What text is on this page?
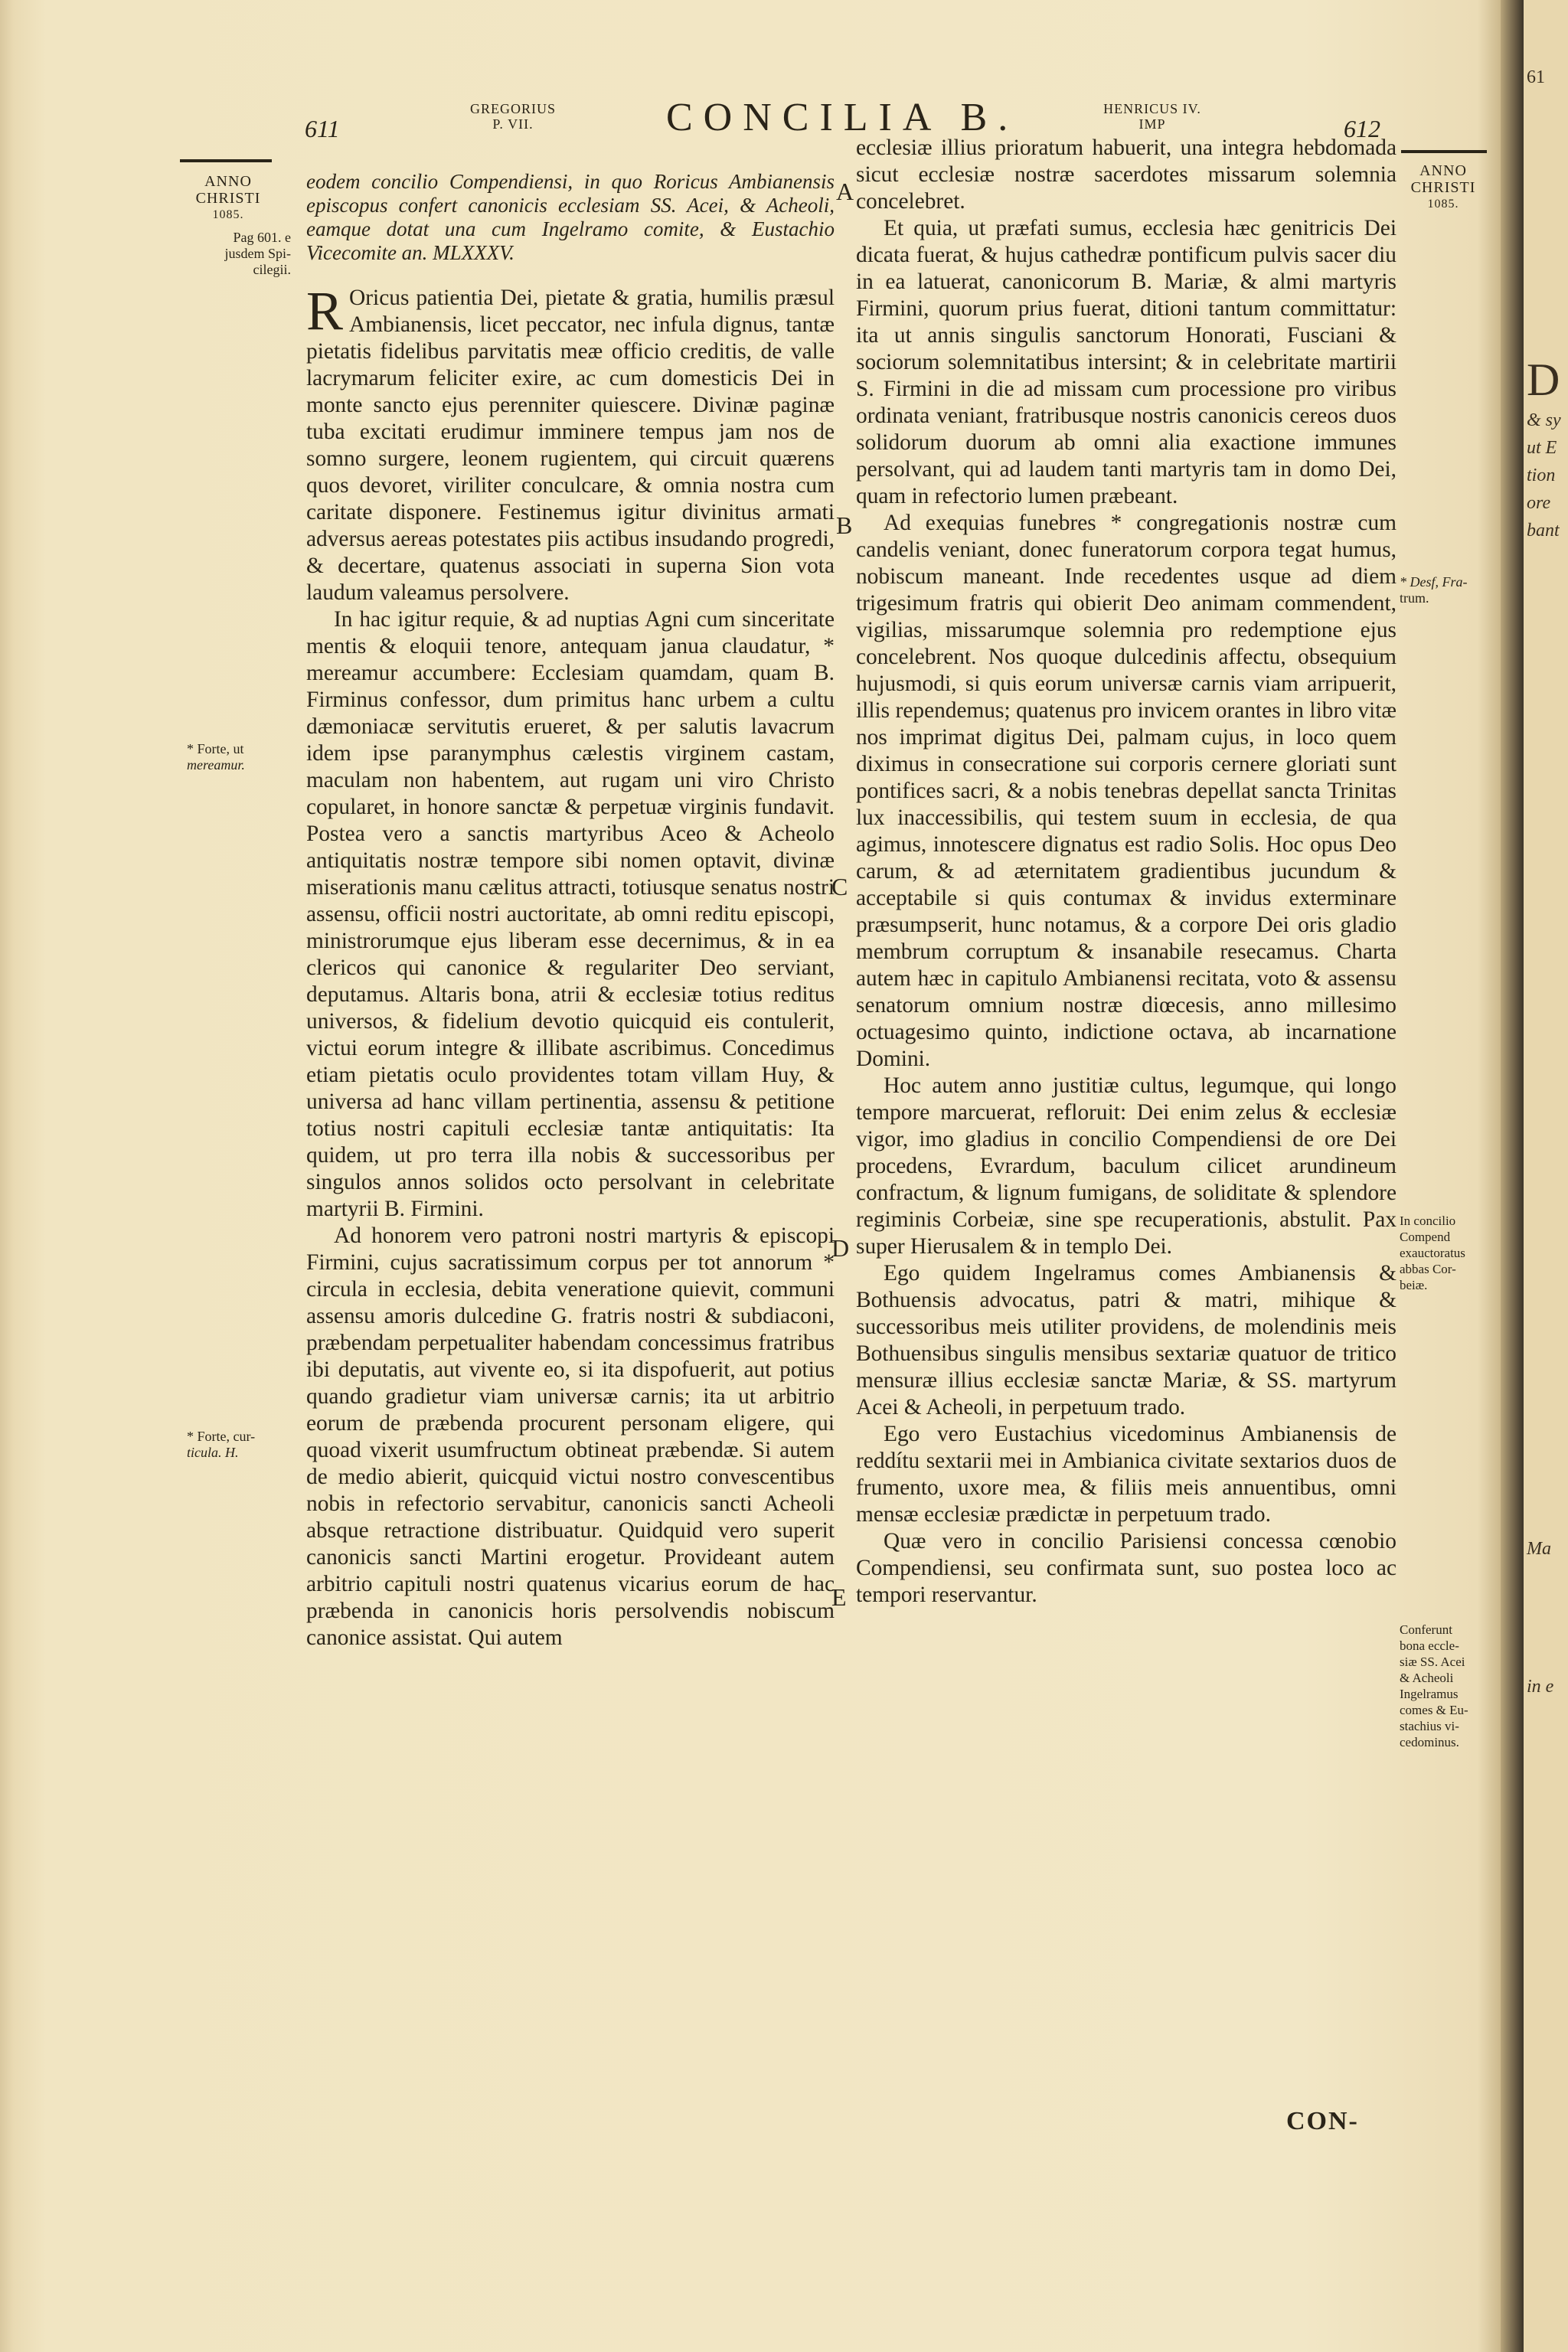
611
GREGORIUS
P. VII.	CONCILIA B.	HENRICUS IV.
IMP	612
ANNO
CHRISTI
1085.
Pag 601. e
jusdem Spi-
cilegii.
* Forte, ut
mereamur.
* Forte, cur-
ticula. H.

eodem concilio Compendiensi, in quo Roricus Ambianensis episcopus confert canonicis ecclesiam SS. Acei, & Acheoli, eamque dotat una cum Ingelramo comite, & Eustachio Vicecomite an. MLXXXV.

R Oricus patientia Dei, pietate & gratia, humilis præsul Ambianensis, licet peccator, nec infula dignus, tantæ pietatis fidelibus parvitatis meæ officio creditis, de valle lacrymarum feliciter exire, ac cum domesticis Dei in monte sancto ejus perenniter quiescere. Divinæ paginæ tuba excitati erudimur imminere tempus jam nos de somno surgere, leonem rugientem, qui circuit quærens quos devoret, viriliter conculcare, & omnia nostra cum caritate disponere. Festinemus igitur divinitus armati adversus aereas potestates piis actibus insudando progredi, & decertare, quatenus associati in superna Sion vota laudum valeamus persolvere.

In hac igitur requie, & ad nuptias Agni cum sinceritate mentis & eloquii tenore, antequam janua claudatur, * mereamur accumbere: Ecclesiam quamdam, quam B. Firminus confessor, dum primitus hanc urbem a cultu dæmoniacæ servitutis erueret, & per salutis lavacrum idem ipse paranymphus cælestis virginem castam, maculam non habentem, aut rugam uni viro Christo copularet, in honore sanctæ & perpetuæ virginis fundavit. Postea vero a sanctis martyribus Aceo & Acheolo antiquitatis nostræ tempore sibi nomen optavit, divinæ miserationis manu cælitus attracti, totiusque senatus nostri assensu, officii nostri auctoritate, ab omni reditu episcopi, ministrorumque ejus liberam esse decernimus, & in ea clericos qui canonice & regulariter Deo serviant, deputamus. Altaris bona, atrii & ecclesiæ totius reditus universos, & fidelium devotio quicquid eis contulerit, victui eorum integre & illibate ascribimus. Concedimus etiam pietatis oculo providentes totam villam Huy, & universa ad hanc villam pertinentia, assensu & petitione totius nostri capituli ecclesiæ tantæ antiquitatis: Ita quidem, ut pro terra illa nobis & successoribus per singulos annos solidos octo persolvant in celebritate martyrii B. Firmini.

Ad honorem vero patroni nostri martyris & episcopi Firmini, cujus sacratissimum corpus per tot annorum * circula in ecclesia, debita veneratione quievit, communi assensu amoris dulcedine G. fratris nostri & subdiaconi, præbendam perpetualiter habendam concessimus fratribus ibi deputatis, aut vivente eo, si ita dispofuerit, aut potius quando gradietur viam universæ carnis; ita ut arbitrio eorum de præbenda procurent personam eligere, qui quoad vixerit usumfructum obtineat præbendæ. Si autem de medio abierit, quicquid victui nostro convescentibus nobis in refectorio servabitur, canonicis sancti Acheoli absque retractione distribuatur. Quidquid vero superit canonicis sancti Martini erogetur. Provideant autem arbitrio capituli nostri quatenus vicarius eorum de hac præbenda in canonicis horis persolvendis nobiscum canonice assistat. Qui autem

A
B
C
D
E

ecclesiæ illius prioratum habuerit, una integra hebdomada sicut ecclesiæ nostræ sacerdotes missarum solemnia concelebret.

Et quia, ut præfati sumus, ecclesia hæc genitricis Dei dicata fuerat, & hujus cathedræ pontificum pulvis sacer diu in ea latuerat, canonicorum B. Mariæ, & almi martyris Firmini, quorum prius fuerat, ditioni tantum committatur: ita ut annis singulis sanctorum Honorati, Fusciani & sociorum solemnitatibus intersint; & in celebritate martirii S. Firmini in die ad missam cum processione pro viribus ordinata veniant, fratribusque nostris canonicis cereos duos solidorum duorum ab omni alia exactione immunes persolvant, qui ad laudem tanti martyris tam in domo Dei, quam in refectorio lumen præbeant.

Ad exequias funebres * congregationis nostræ cum candelis veniant, donec funeratorum corpora tegat humus, nobiscum maneant. Inde recedentes usque ad diem trigesimum fratris qui obierit Deo animam commendent, vigilias, missarumque solemnia pro redemptione ejus concelebrent. Nos quoque dulcedinis affectu, obsequium hujusmodi, si quis eorum universæ carnis viam arripuerit, illis rependemus; quatenus pro invicem orantes in libro vitæ nos imprimat digitus Dei, palmam cujus, in loco quem diximus in consecratione sui corporis cernere gloriati sunt pontifices sacri, & a nobis tenebras depellat sancta Trinitas lux inaccessibilis, qui testem suum in ecclesia, de qua agimus, innotescere dignatus est radio Solis. Hoc opus Deo carum, & ad æternitatem gradientibus jucundum & acceptabile si quis contumax & invidus exterminare præsumpserit, hunc notamus, & a corpore Dei oris gladio membrum corruptum & insanabile resecamus. Charta autem hæc in capitulo Ambianensi recitata, voto & assensu senatorum omnium nostræ diœcesis, anno millesimo octuagesimo quinto, indictione octava, ab incarnatione Domini.

Hoc autem anno justitiæ cultus, legumque, qui longo tempore marcuerat, refloruit: Dei enim zelus & ecclesiæ vigor, imo gladius in concilio Compendiensi de ore Dei procedens, Evrardum, baculum cilicet arundineum confractum, & lignum fumigans, de soliditate & splendore regiminis Corbeiæ, sine spe recuperationis, abstulit. Pax super Hierusalem & in templo Dei.

Ego quidem Ingelramus comes Ambianensis & Bothuensis advocatus, patri & matri, mihique & successoribus meis utiliter providens, de molendinis meis Bothuensibus singulis mensibus sextariæ quatuor de tritico mensuræ illius ecclesiæ sanctæ Mariæ, & SS. martyrum Acei & Acheoli, in perpetuum trado.

Ego vero Eustachius vicedominus Ambianensis de reddítu sextarii mei in Ambianica civitate sextarios duos de frumento, uxore mea, & filiis meis annuentibus, omni mensæ ecclesiæ prædictæ in perpetuum trado.

Quæ vero in concilio Parisiensi concessa cœnobio Compendiensi, seu confirmata sunt, suo postea loco ac tempori reservantur.

ANNO
CHRISTI
1085.
* Desf, Fra-
trum.
In concilio
Compend
exauctoratus
abbas Cor-
beiæ.
Conferunt
bona eccle-
siæ SS. Acei
& Acheoli
Ingelramus
comes & Eu-
stachius vi-
cedominus.
CON-
61
D
& sy
ut E
tion
ore
bant
Ma
in e
